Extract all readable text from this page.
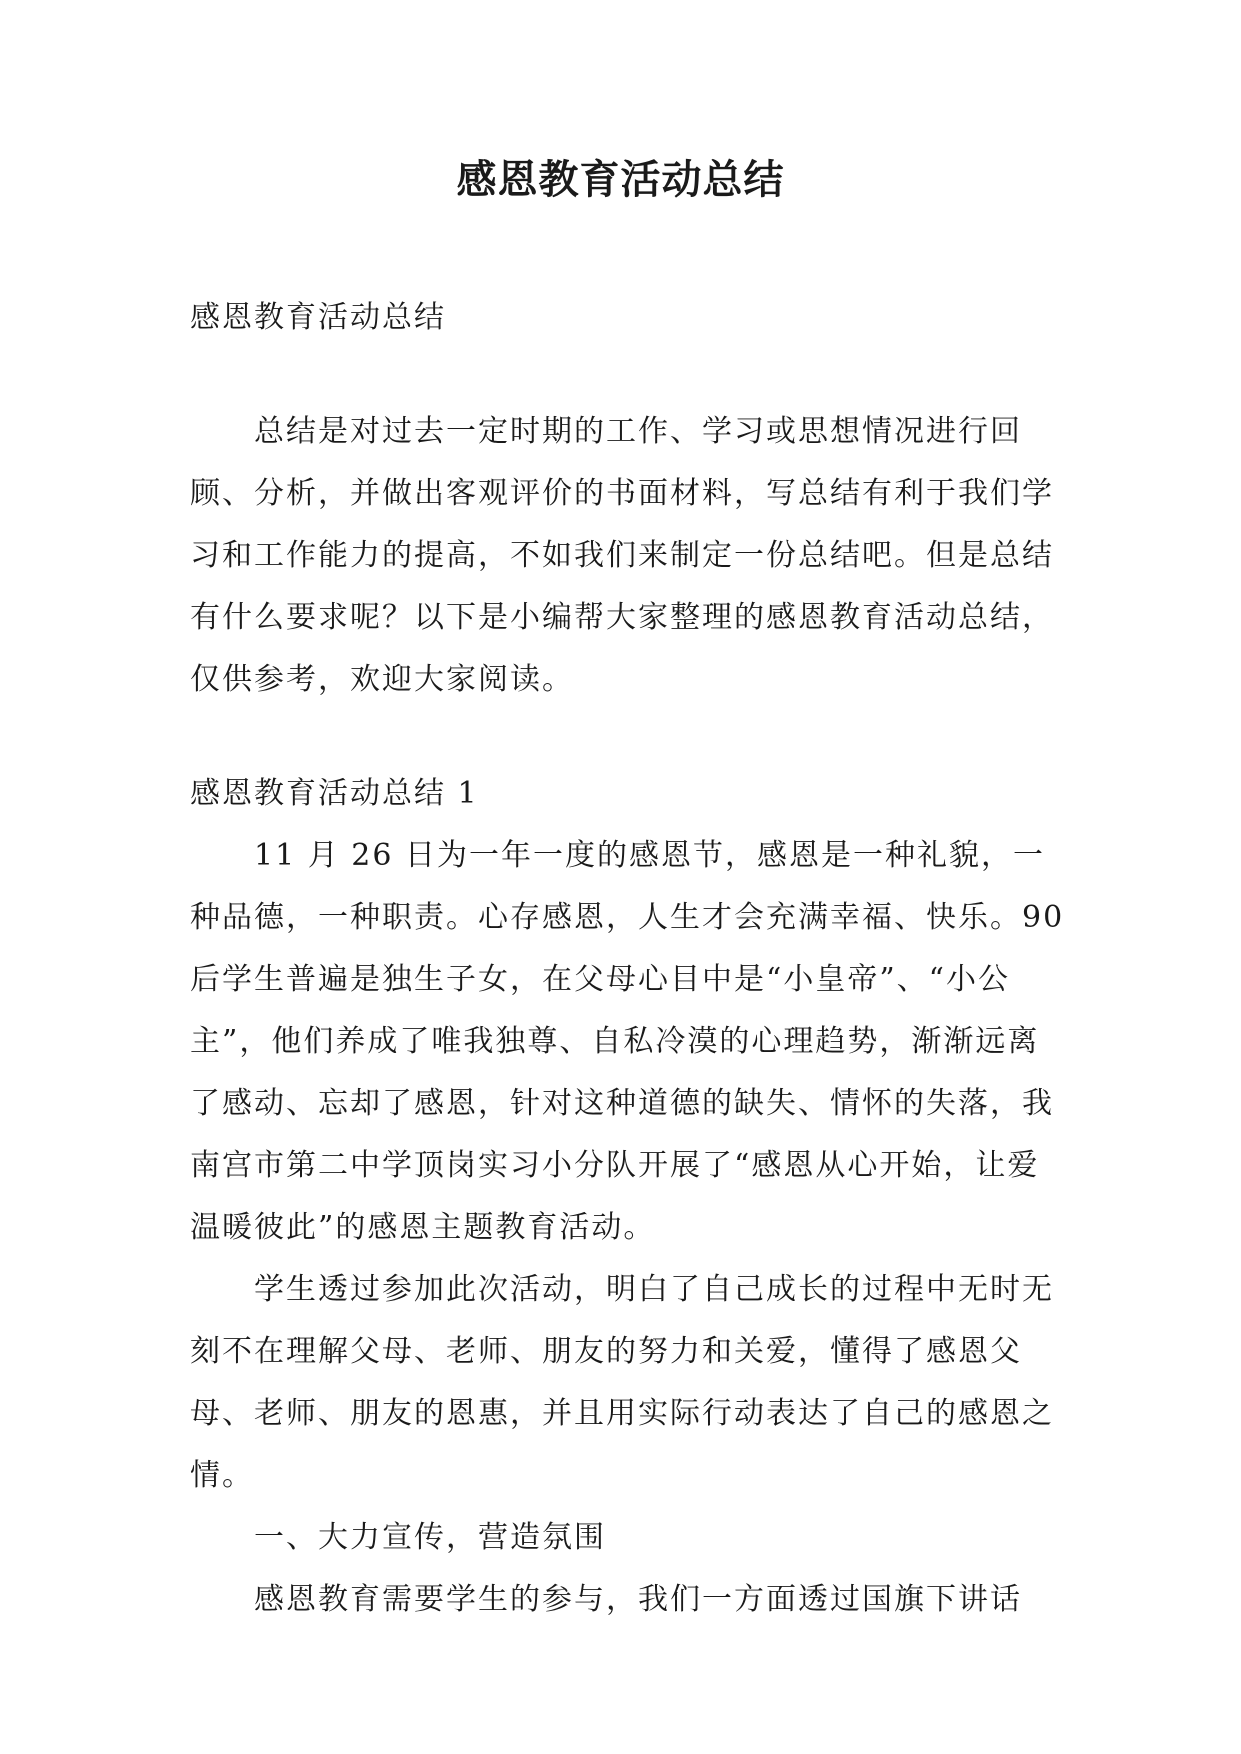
感恩教育活动总结

感恩教育活动总结

总结是对过去一定时期的工作、学习或思想情况进行回顾、分析，并做出客观评价的书面材料，写总结有利于我们学习和工作能力的提高，不如我们来制定一份总结吧。但是总结有什么要求呢？以下是小编帮大家整理的感恩教育活动总结，仅供参考，欢迎大家阅读。

感恩教育活动总结 1

11 月 26 日为一年一度的感恩节，感恩是一种礼貌，一种品德，一种职责。心存感恩，人生才会充满幸福、快乐。90 后学生普遍是独生子女，在父母心目中是“小皇帝”、“小公主”，他们养成了唯我独尊、自私冷漠的心理趋势，渐渐远离了感动、忘却了感恩，针对这种道德的缺失、情怀的失落，我南宫市第二中学顶岗实习小分队开展了“感恩从心开始，让爱温暖彼此”的感恩主题教育活动。

学生透过参加此次活动，明白了自己成长的过程中无时无刻不在理解父母、老师、朋友的努力和关爱，懂得了感恩父母、老师、朋友的恩惠，并且用实际行动表达了自己的感恩之情。

一、大力宣传，营造氛围

感恩教育需要学生的参与，我们一方面透过国旗下讲话
